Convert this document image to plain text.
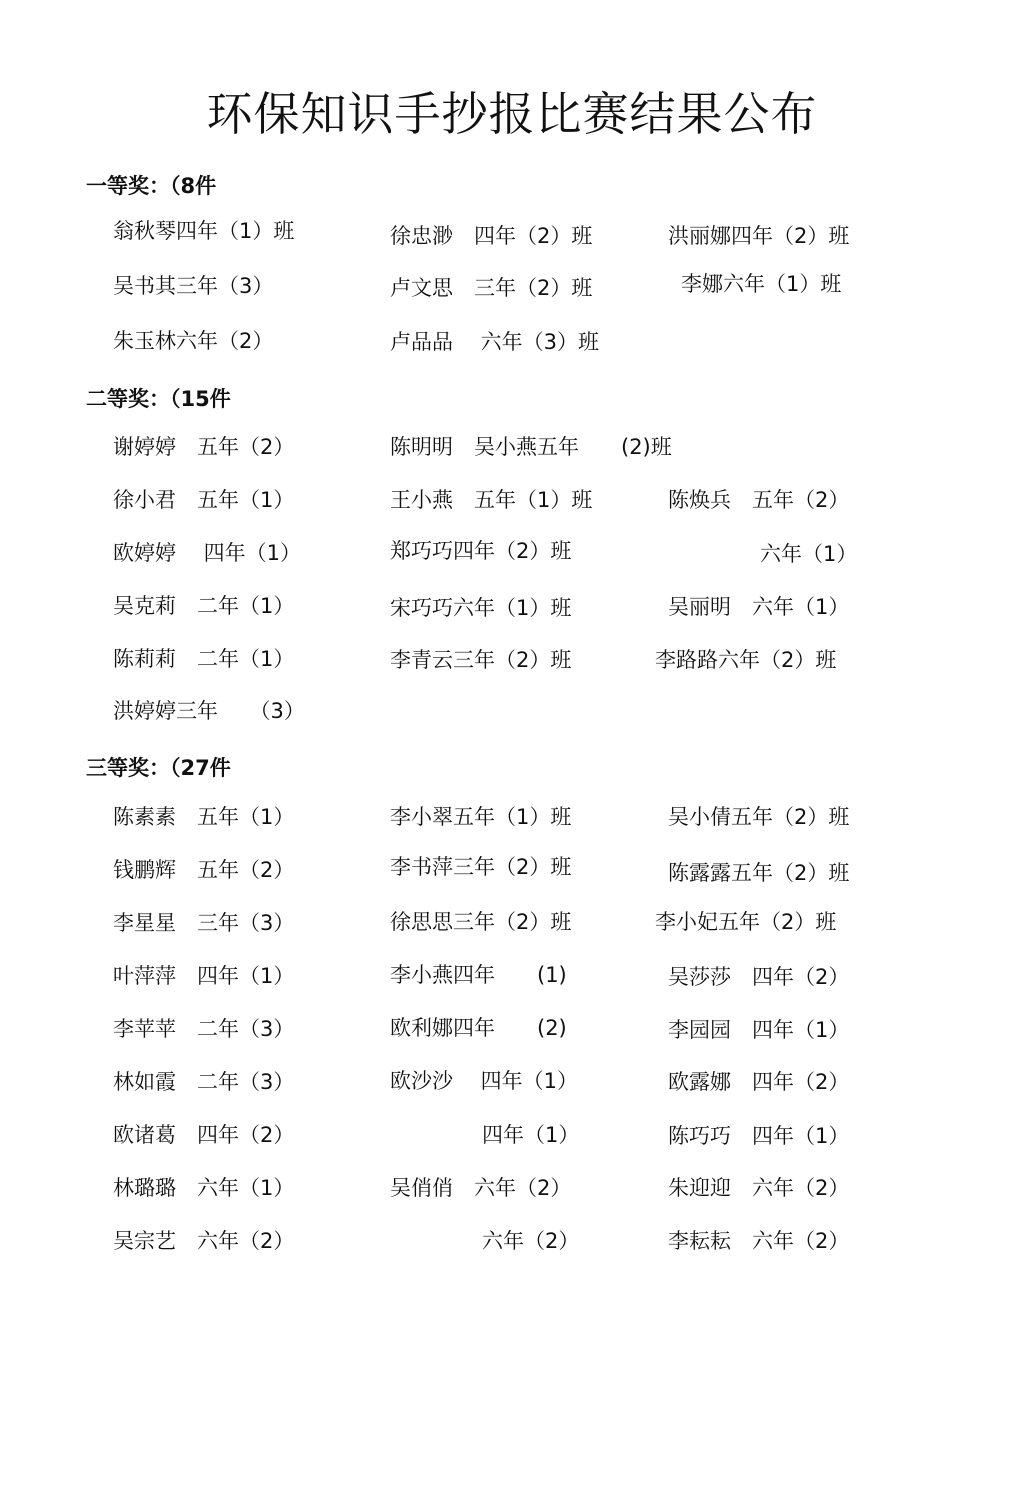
环保知识手抄报比赛结果公布
一等奖：（8件
翁秋琴四年（1）班	徐忠渺　四年（2）班	洪丽娜四年（2）班
吴书其三年（3）	卢文思　三年（2）班	李娜六年（1）班
朱玉林六年（2）	卢品品　 六年（3）班
二等奖：（15件
谢婷婷　五年（2）	陈明明　吴小燕五年　　(2)班
徐小君　五年（1）	王小燕　五年（1）班	陈焕兵　五年（2）
欧婷婷　 四年（1）	郑巧巧四年（2）班	六年（1）
吴克莉　二年（1）	宋巧巧六年（1）班	吴丽明　六年（1）
陈莉莉　二年（1）	李青云三年（2）班	李路路六年（2）班
洪婷婷三年　　（3）
三等奖：（27件
陈素素　五年（1）	李小翠五年（1）班	吴小倩五年（2）班
钱鹏辉　五年（2）	李书萍三年（2）班	陈露露五年（2）班
李星星　三年（3）	徐思思三年（2）班	李小妃五年（2）班
叶萍萍　四年（1）	李小燕四年　　(1)	吴莎莎　四年（2）
李苹苹　二年（3）	欧利娜四年　　(2)	李园园　四年（1）
林如霞　二年（3）	欧沙沙　 四年（1）	欧露娜　四年（2）
欧诸葛　四年（2）	四年（1）	陈巧巧　四年（1）
林璐璐　六年（1）	吴俏俏　六年（2）	朱迎迎　六年（2）
吴宗艺　六年（2）	六年（2）	李耘耘　六年（2）
